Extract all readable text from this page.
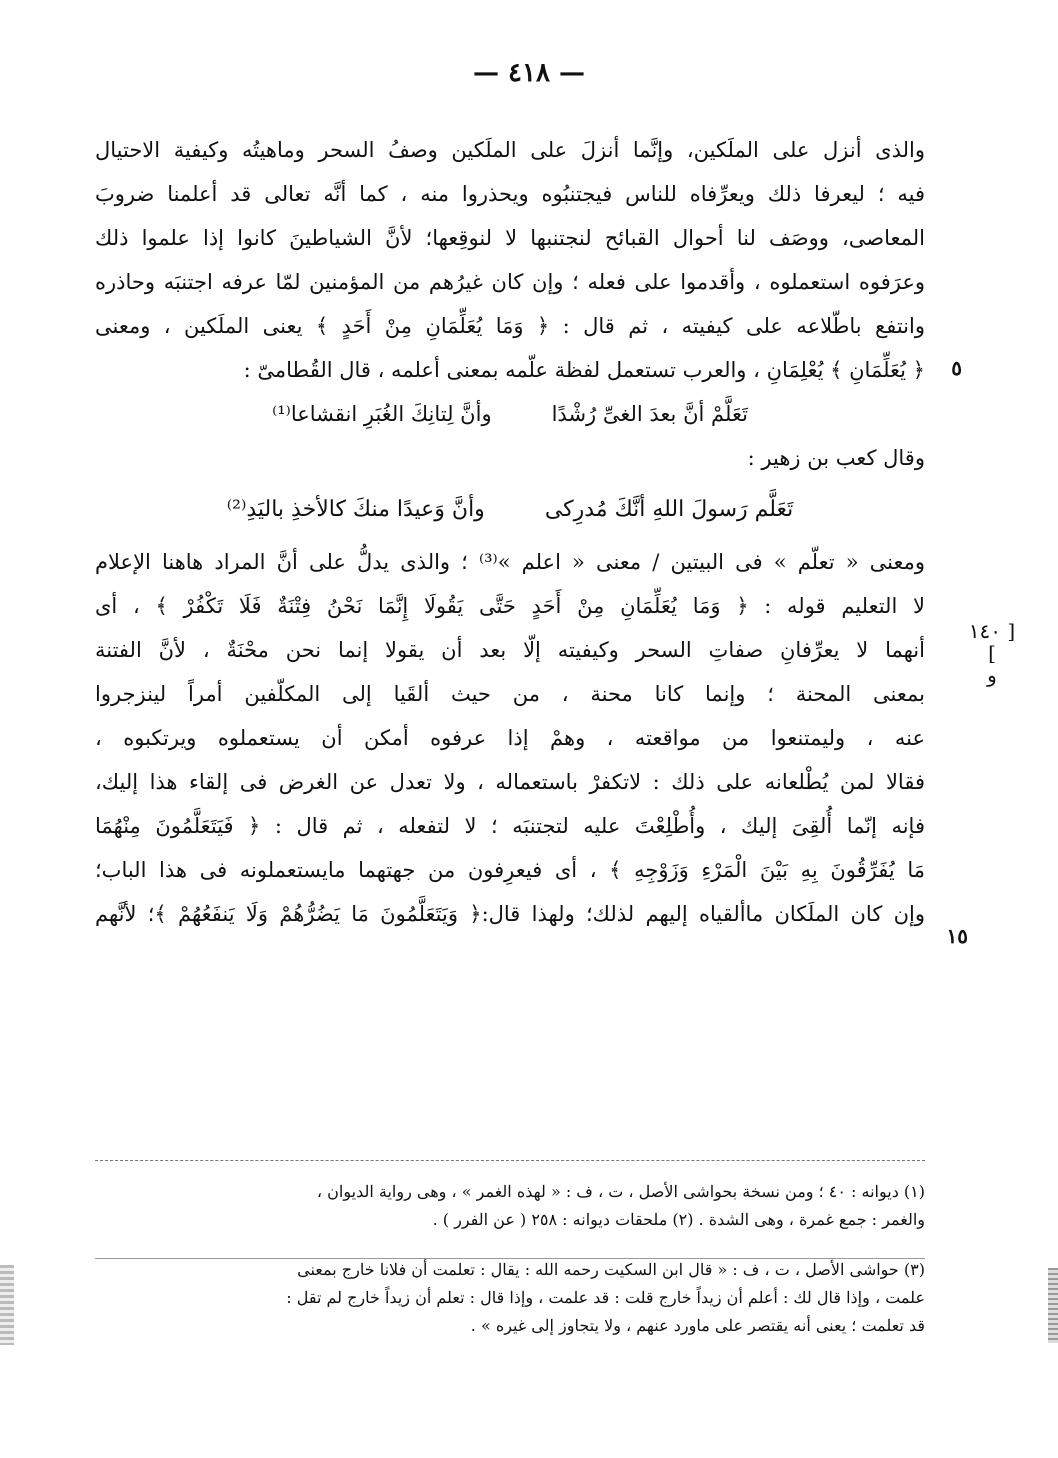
— ٤١٨ —
والذى أنزل على الملَكين، وإنَّما أنزلَ على الملَكين وصفُ السحر وماهيتُه وكيفية الاحتيال
فيه ؛ ليعرفا ذلك ويعرِّفاه للناس فيجتنبُوه ويحذروا منه ، كما أنَّه تعالى قد أعلمنا ضروبَ
المعاصى، ووصَف لنا أحوال القبائح لنجتنبها لا لنوقِعها؛ لأنَّ الشياطينَ كانوا إذا علموا ذلك
وعرَفوه استعملوه ، وأقدموا على فعله ؛ وإن كان غيرُهم من المؤمنين لمّا عرفه اجتنبَه وحاذره
وانتفع باطّلاعه على كيفيته ، ثم قال : ﴿ وَمَا يُعَلِّمَانِ مِنْ أَحَدٍ ﴾ يعنى الملَكين ، ومعنى
﴿ يُعَلِّمَانِ ﴾ يُعْلِمَانِ ، والعرب تستعمل لفظة علّمه بمعنى أعلمه ، قال القُطامىّ :
تَعَلَّمْ أنَّ بعدَ الغىِّ رُشْدًا
وأنَّ لِتانِكَ الغُبَرِ انقشاعا⁽¹⁾
وقال كعب بن زهير :
تَعَلَّم رَسولَ اللهِ أنَّكَ مُدرِكى
وأنَّ وَعيدًا منكَ كالأخذِ باليَدِ⁽²⁾
ومعنى « تعلّم » فى البيتين / معنى « اعلم »⁽³⁾ ؛ والذى يدلُّ على أنَّ المراد هاهنا الإعلام
لا التعليم قوله : ﴿ وَمَا يُعَلِّمَانِ مِنْ أَحَدٍ حَتَّى يَقُولَا إِنَّمَا نَحْنُ فِتْنَةٌ فَلَا تَكْفُرْ ﴾ ، أى
أنهما لا يعرِّفانِ صفاتِ السحر وكيفيته إلّا بعد أن يقولا إنما نحن محْنَةٌ ، لأنَّ الفتنة
بمعنى المحنة ؛ وإنما كانا محنة ، من حيث ألقَيا إلى المكلّفين أمراً لينزجروا
عنه ، وليمتنعوا من مواقعته ، وهمْ إذا عرفوه أمكن أن يستعملوه ويرتكبوه ،
فقالا لمن يُطْلعانه على ذلك : لاتكفرْ باستعماله ، ولا تعدل عن الغرض فى إلقاء هذا إليك،
فإنه إنّما أُلقِىَ إليك ، وأُطْلِعْتَ عليه لتجتنبَه ؛ لا لتفعله ، ثم قال : ﴿ فَيَتَعَلَّمُونَ مِنْهُمَا
مَا يُفَرِّقُونَ بِهِ بَيْنَ الْمَرْءِ وَزَوْجِهِ ﴾ ، أى فيعرِفون من جهتهما مايستعملونه فى هذا الباب؛
وإن كان الملَكان ماألقياه إليهم لذلك؛ ولهذا قال:﴿ وَيَتَعَلَّمُونَ مَا يَضُرُّهُمْ وَلَا يَنفَعُهُمْ ﴾؛ لأنَّهم
٥
١٥
[ ١٤٠ ]
و
(١) ديوانه : ٤٠ ؛ ومن نسخة بحواشى الأصل ، ت ، ف : « لهذه الغمر » ، وهى رواية الديوان ،
والغمر : جمع غمرة ، وهى الشدة . (٢) ملحقات ديوانه : ٢٥٨ ( عن الفرر ) .
(٣) حواشى الأصل ، ت ، ف : « قال ابن السكيت رحمه الله : يقال : تعلمت أن فلانا خارج بمعنى
علمت ، وإذا قال لك : أعلم أن زيداً خارج قلت : قد علمت ، وإذا قال : تعلم أن زيداً خارج لم تقل :
قد تعلمت ؛ يعنى أنه يقتصر على ماورد عنهم ، ولا يتجاوز إلى غيره » .
